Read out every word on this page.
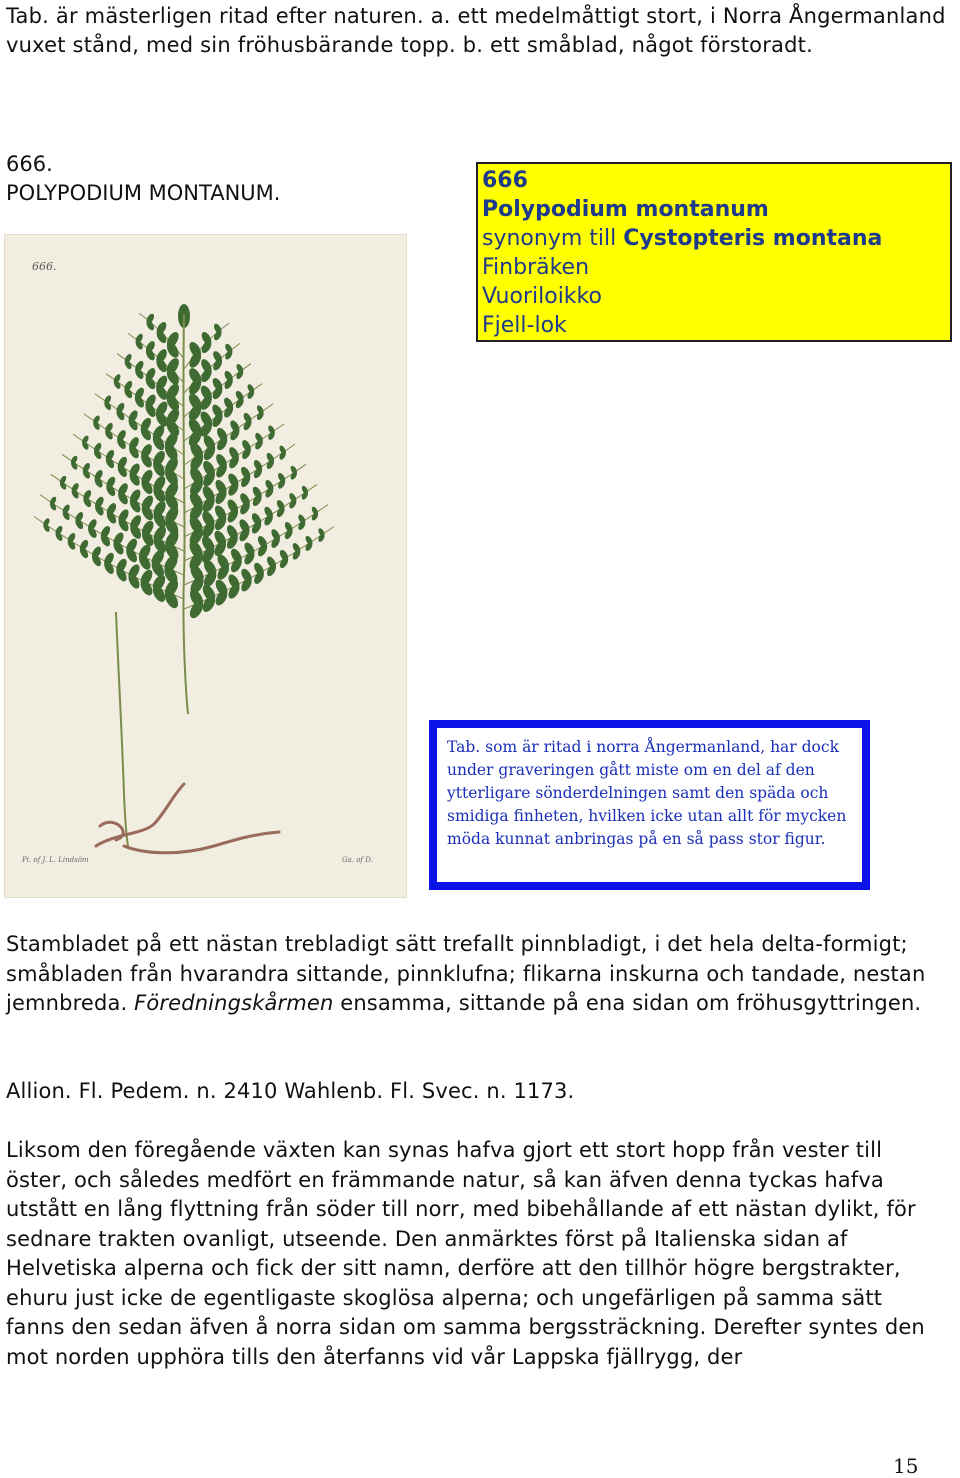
Tab. är mästerligen ritad efter naturen. a. ett medelmåttigt stort, i Norra Ångermanland vuxet stånd, med sin fröhusbärande topp. b. ett småblad, något förstoradt.
666.
POLYPODIUM MONTANUM.	666
Polypodium montanum
synonym till Cystopteris montana
Finbräken
Vuoriloikko
Fjell-lok
666.
Pi. of J. L. Lindsöm	Ga. of D.
Tab. som är ritad i norra Ångermanland, har dock under graveringen gått miste om en del af den ytterligare sönderdelningen samt den späda och smidiga finheten, hvilken icke utan allt för mycken möda kunnat anbringas på en så pass stor figur.
Stambladet på ett nästan trebladigt sätt trefallt pinnbladigt, i det hela delta-formigt; småbladen från hvarandra sittande, pinnklufna; flikarna inskurna och tandade, nestan jemnbreda. Föredningskårmen ensamma, sittande på ena sidan om fröhusgyttringen.
Allion. Fl. Pedem. n. 2410 Wahlenb. Fl. Svec. n. 1173.
Liksom den föregående växten kan synas hafva gjort ett stort hopp från vester till öster, och således medfört en främmande natur, så kan äfven denna tyckas hafva utstått en lång flyttning från söder till norr, med bibehållande af ett nästan dylikt, för sednare trakten ovanligt, utseende. Den anmärktes först på Italienska sidan af Helvetiska alperna och fick der sitt namn, derföre att den tillhör högre bergstrakter, ehuru just icke de egentligaste skoglösa alperna; och ungefärligen på samma sätt fanns den sedan äfven å norra sidan om samma bergssträckning. Derefter syntes den mot norden upphöra tills den återfanns vid vår Lappska fjällrygg, der
15
